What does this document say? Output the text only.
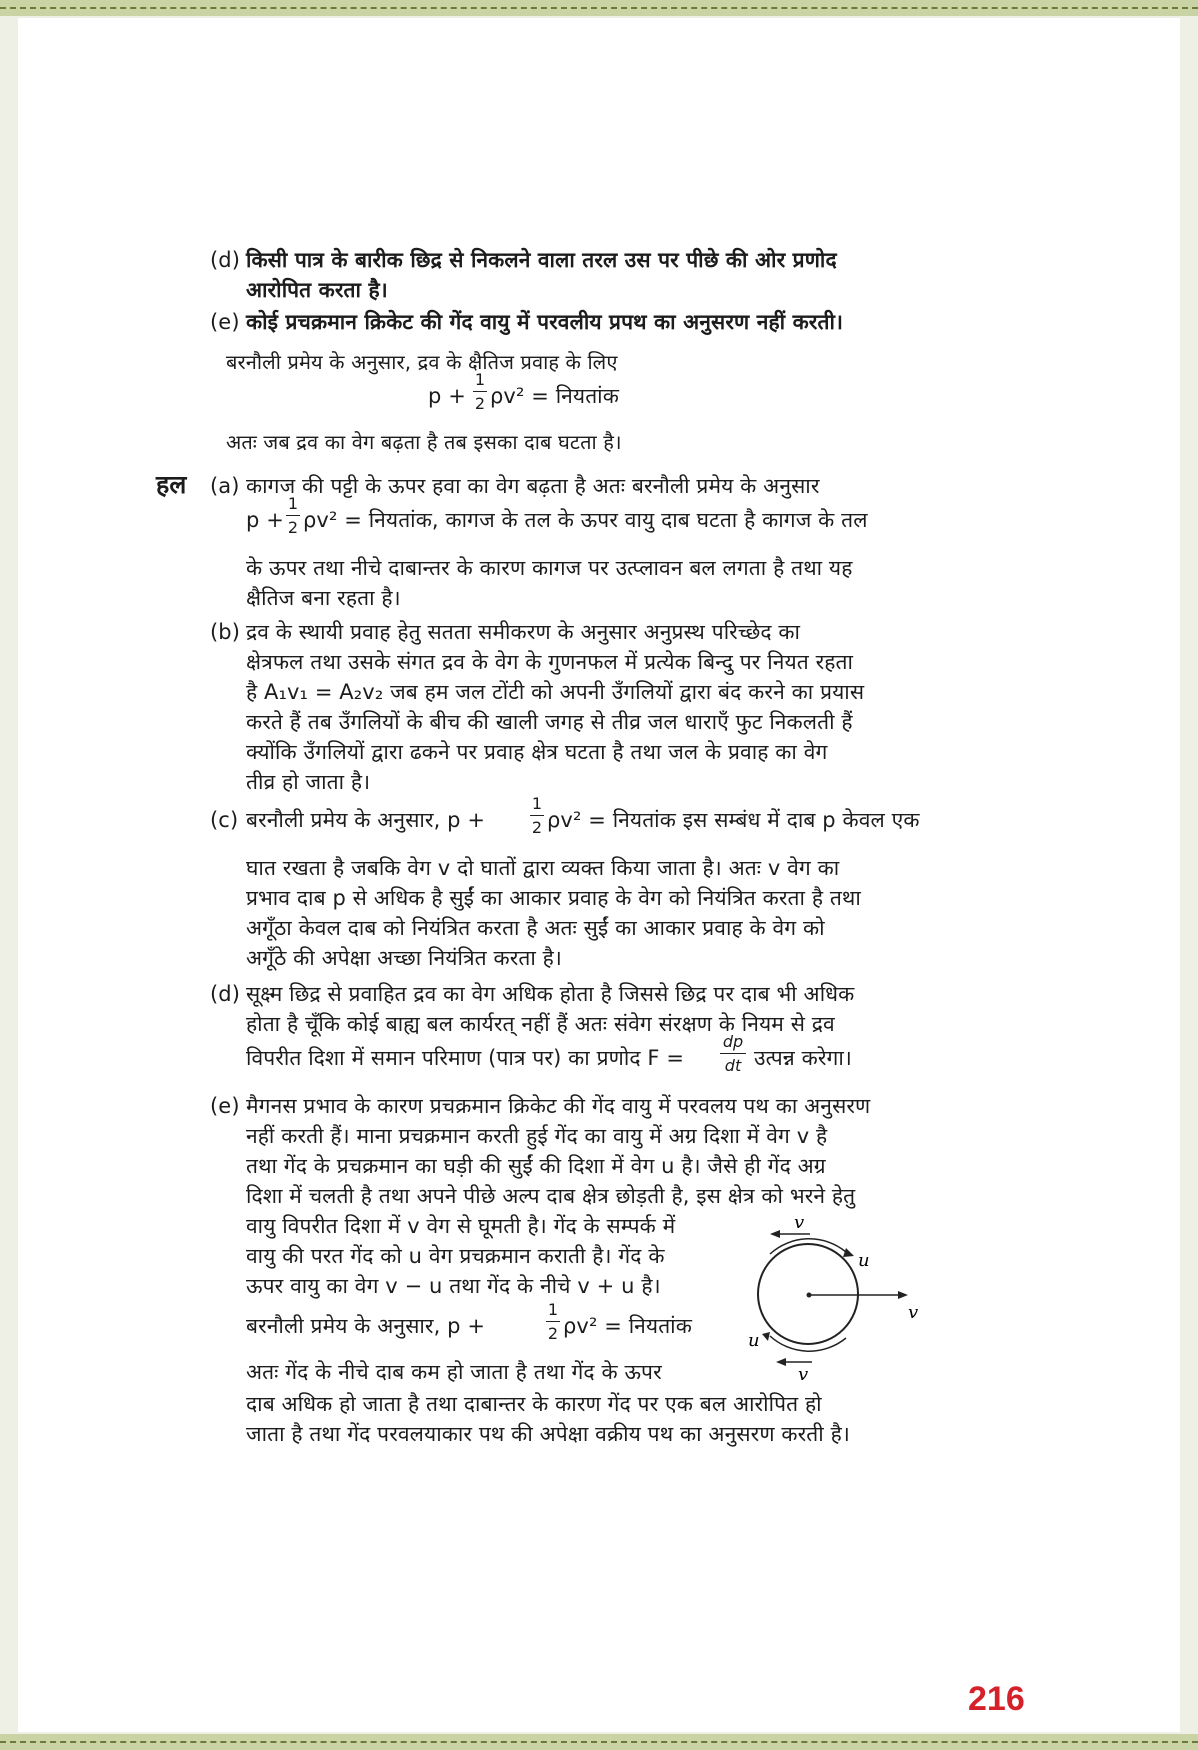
(d) किसी पात्र के बारीक छिद्र से निकलने वाला तरल उस पर पीछे की ओर प्रणोद
आरोपित करता है।
(e) कोई प्रचक्रमान क्रिकेट की गेंद वायु में परवलीय प्रपथ का अनुसरण नहीं करती।
बरनौली प्रमेय के अनुसार, द्रव के क्षैतिज प्रवाह के लिए
p +
1
2 ρv² = नियतांक
अतः जब द्रव का वेग बढ़ता है तब इसका दाब घटता है।
हल (a) कागज की पट्टी के ऊपर हवा का वेग बढ़ता है अतः बरनौली प्रमेय के अनुसार
p +
1
2 ρv² = नियतांक, कागज के तल के ऊपर वायु दाब घटता है कागज के तल
के ऊपर तथा नीचे दाबान्तर के कारण कागज पर उत्प्लावन बल लगता है तथा यह
क्षैतिज बना रहता है।
(b) द्रव के स्थायी प्रवाह हेतु सतता समीकरण के अनुसार अनुप्रस्थ परिच्छेद का
क्षेत्रफल तथा उसके संगत द्रव के वेग के गुणनफल में प्रत्येक बिन्दु पर नियत रहता
है A₁v₁ = A₂v₂ जब हम जल टोंटी को अपनी उँगलियों द्वारा बंद करने का प्रयास
करते हैं तब उँगलियों के बीच की खाली जगह से तीव्र जल धाराएँ फुट निकलती हैं
क्योंकि उँगलियों द्वारा ढकने पर प्रवाह क्षेत्र घटता है तथा जल के प्रवाह का वेग
तीव्र हो जाता है।
(c) बरनौली प्रमेय के अनुसार, p +
1
2 ρv² = नियतांक इस सम्बंध में दाब p केवल एक
घात रखता है जबकि वेग v दो घातों द्वारा व्यक्त किया जाता है। अतः v वेग का
प्रभाव दाब p से अधिक है सुईं का आकार प्रवाह के वेग को नियंत्रित करता है तथा
अगूँठा केवल दाब को नियंत्रित करता है अतः सुईं का आकार प्रवाह के वेग को
अगूँठे की अपेक्षा अच्छा नियंत्रित करता है।
(d) सूक्ष्म छिद्र से प्रवाहित द्रव का वेग अधिक होता है जिससे छिद्र पर दाब भी अधिक
होता है चूँकि कोई बाह्य बल कार्यरत् नहीं हैं अतः संवेग संरक्षण के नियम से द्रव
विपरीत दिशा में समान परिमाण (पात्र पर) का प्रणोद F =
dp
dt उत्पन्न करेगा।
(e) मैगनस प्रभाव के कारण प्रचक्रमान क्रिकेट की गेंद वायु में परवलय पथ का अनुसरण
नहीं करती हैं। माना प्रचक्रमान करती हुई गेंद का वायु में अग्र दिशा में वेग v है
तथा गेंद के प्रचक्रमान का घड़ी की सुईं की दिशा में वेग u है। जैसे ही गेंद अग्र
दिशा में चलती है तथा अपने पीछे अल्प दाब क्षेत्र छोड़ती है, इस क्षेत्र को भरने हेतु
वायु विपरीत दिशा में v वेग से घूमती है। गेंद के सम्पर्क में
वायु की परत गेंद को u वेग प्रचक्रमान कराती है। गेंद के
ऊपर वायु का वेग v − u तथा गेंद के नीचे v + u है।
बरनौली प्रमेय के अनुसार, p +
1
2 ρv² = नियतांक
अतः गेंद के नीचे दाब कम हो जाता है तथा गेंद के ऊपर
दाब अधिक हो जाता है तथा दाबान्तर के कारण गेंद पर एक बल आरोपित हो
जाता है तथा गेंद परवलयाकार पथ की अपेक्षा वक्रीय पथ का अनुसरण करती है।
v
u
v
u
v
216
